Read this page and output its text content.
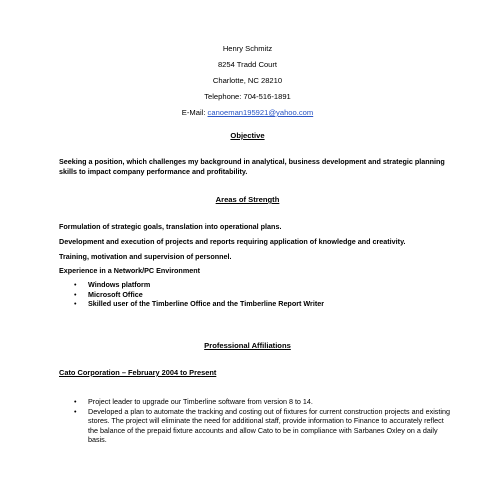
Henry Schmitz
8254 Tradd Court
Charlotte, NC 28210
Telephone: 704-516-1891
E-Mail: canoeman195921@yahoo.com
Objective
Seeking a position, which challenges my background in analytical, business development and strategic planning skills to impact company performance and profitability.
Areas of Strength
Formulation of strategic goals, translation into operational plans.
Development and execution of projects and reports requiring application of knowledge and creativity.
Training, motivation and supervision of personnel.
Experience in a Network/PC Environment
• Windows platform
• Microsoft Office
• Skilled user of the Timberline Office and the Timberline Report Writer
Professional Affiliations
Cato Corporation – February 2004 to Present
• Project leader to upgrade our Timberline software from version 8 to 14.
• Developed a plan to automate the tracking and costing out of fixtures for current construction projects and existing stores. The project will eliminate the need for additional staff, provide information to Finance to accurately reflect the balance of the prepaid fixture accounts and allow Cato to be in compliance with Sarbanes Oxley on a daily basis.
